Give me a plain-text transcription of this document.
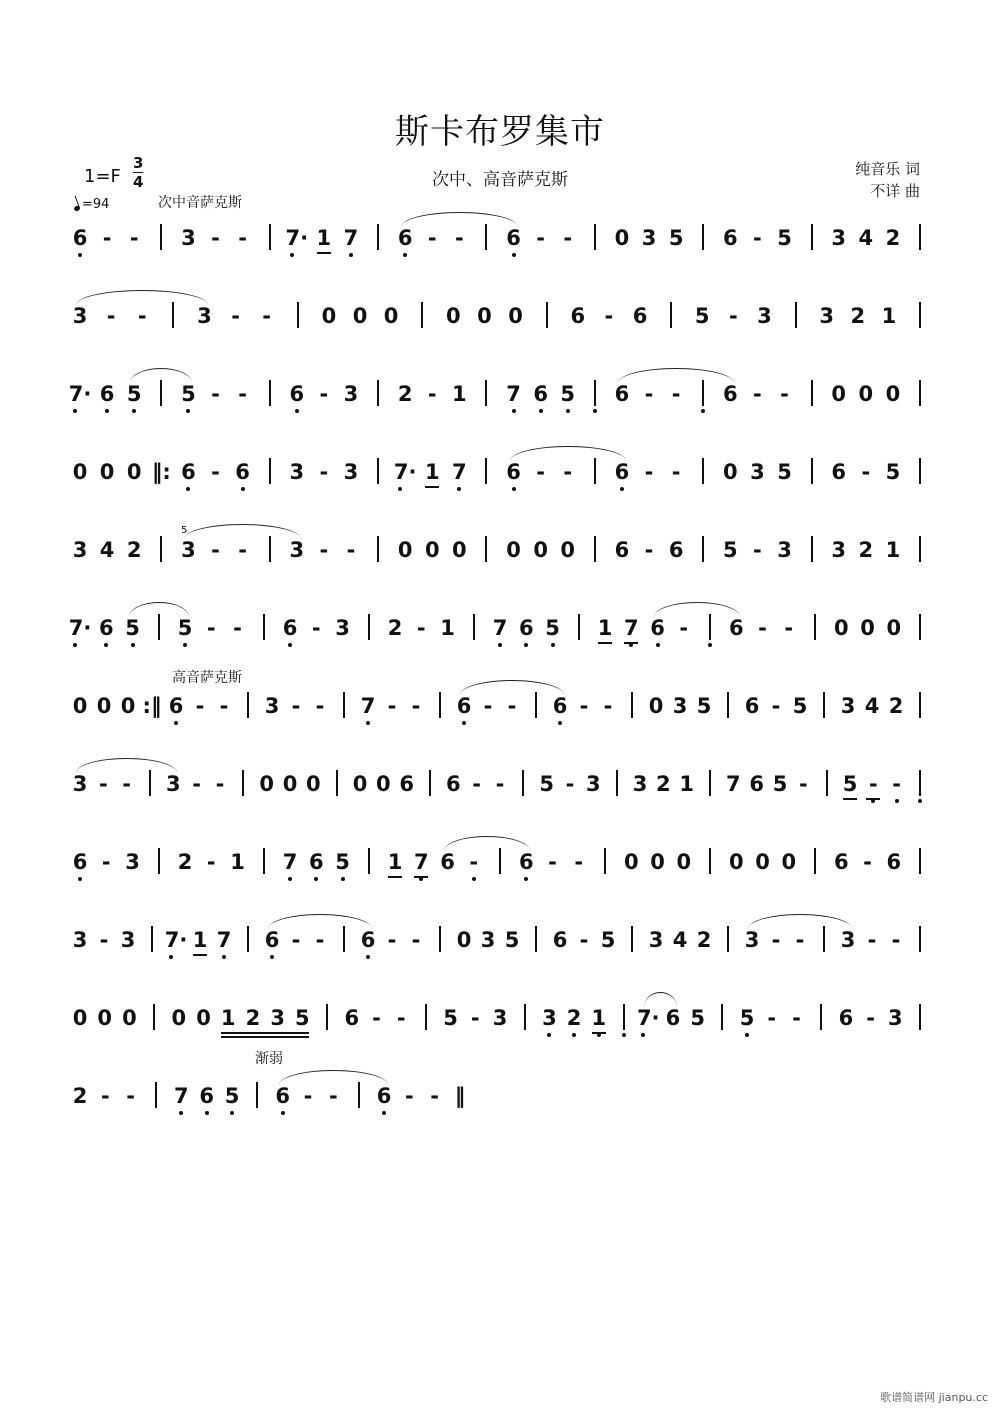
斯卡布罗集市
次中、高音萨克斯
纯音乐 词
不详 曲
1=F
3
4
=94	次中音萨克斯
高音萨克斯
渐弱
5
6 - - 3 - - 7· 1 7 6 - - 6 - - 0 3 5 6 - 5 3 4 2
3 - - 3 - - 0 0 0 0 0 0 6 - 6 5 - 3 3 2 1
7· 6 5 5 - - 6 - 3 2 - 1 7 6 5 6 - - 6 - - 0 0 0
0 0 0 ‖: 6 - 6 3 - 3 7· 1 7 6 - - 6 - - 0 3 5 6 - 5
3 4 2 3 - - 3 - - 0 0 0 0 0 0 6 - 6 5 - 3 3 2 1
7· 6 5 5 - - 6 - 3 2 - 1 7 6 5 1 7 6 - 6 - - 0 0 0
0 0 0 :‖ 6 - - 3 - - 7 - - 6 - - 6 - - 0 3 5 6 - 5 3 4 2
3 - - 3 - - 0 0 0 0 0 6 6 - - 5 - 3 3 2 1 7 6 5 - 5 - -
6 - 3 2 - 1 7 6 5 1 7 6 - 6 - - 0 0 0 0 0 0 6 - 6
3 - 3 7· 1 7 6 - - 6 - - 0 3 5 6 - 5 3 4 2 3 - - 3 - -
0 0 0 0 0 1 2 3 5 6 - - 5 - 3 3 2 1 7· 6 5 5 - - 6 - 3
2 - - 7 6 5 6 - - 6 - - ‖
歌谱简谱网 jianpu.cc
